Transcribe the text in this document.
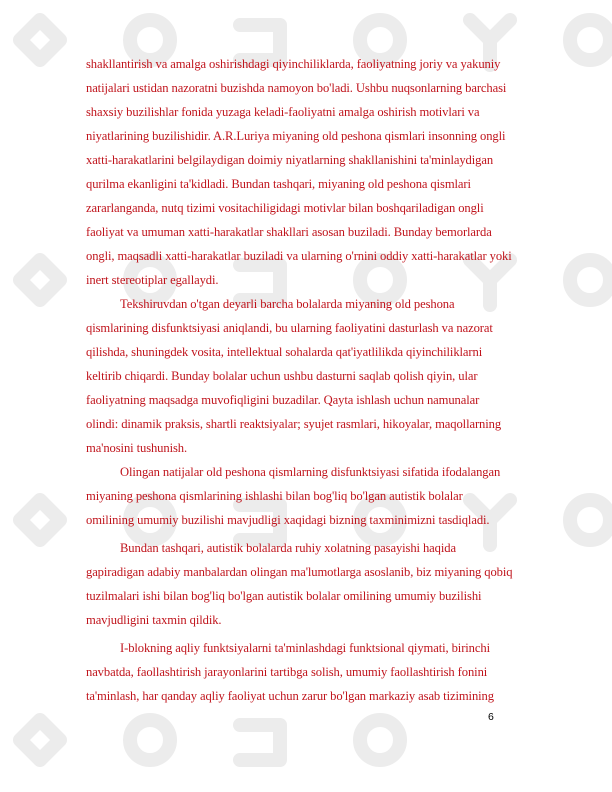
shakllantirish va amalga oshirishdagi qiyinchiliklarda, faoliyatning joriy va yakuniy
natijalari ustidan nazoratni buzishda namoyon bo'ladi. Ushbu nuqsonlarning barchasi
shaxsiy buzilishlar fonida yuzaga keladi-faoliyatni amalga oshirish motivlari va
niyatlarining buzilishidir. A.R.Luriya miyaning old peshona qismlari insonning ongli
xatti-harakatlarini belgilaydigan doimiy niyatlarning shakllanishini ta'minlaydigan
qurilma ekanligini ta'kidladi. Bundan tashqari, miyaning old peshona qismlari
zararlanganda, nutq tizimi vositachiligidagi motivlar bilan boshqariladigan ongli
faoliyat va umuman xatti-harakatlar shakllari asosan buziladi. Bunday bemorlarda
ongli, maqsadli xatti-harakatlar buziladi va ularning o'rnini oddiy xatti-harakatlar yoki
inert stereotiplar egallaydi.
Tekshiruvdan o'tgan deyarli barcha bolalarda miyaning old peshona
qismlarining disfunktsiyasi aniqlandi, bu ularning faoliyatini dasturlash va nazorat
qilishda, shuningdek vosita, intellektual sohalarda qat'iyatlilikda qiyinchiliklarni
keltirib chiqardi. Bunday bolalar uchun ushbu dasturni saqlab qolish qiyin, ular
faoliyatning maqsadga muvofiqligini buzadilar. Qayta ishlash uchun namunalar
olindi: dinamik praksis, shartli reaktsiyalar; syujet rasmlari, hikoyalar, maqollarning
ma'nosini tushunish.
Olingan natijalar old peshona qismlarning disfunktsiyasi sifatida ifodalangan
miyaning peshona qismlarining ishlashi bilan bog'liq bo'lgan autistik bolalar
omilining umumiy buzilishi mavjudligi xaqidagi bizning taxminimizni tasdiqladi.
Bundan tashqari, autistik bolalarda ruhiy xolatning pasayishi haqida
gapiradigan adabiy manbalardan olingan ma'lumotlarga asoslanib, biz miyaning qobiq
tuzilmalari ishi bilan bog'liq bo'lgan autistik bolalar omilining umumiy buzilishi
mavjudligini taxmin qildik.
I-blokning aqliy funktsiyalarni ta'minlashdagi funktsional qiymati, birinchi
navbatda, faollashtirish jarayonlarini tartibga solish, umumiy faollashtirish fonini
ta'minlash, har qanday aqliy faoliyat uchun zarur bo'lgan markaziy asab tizimining
6
